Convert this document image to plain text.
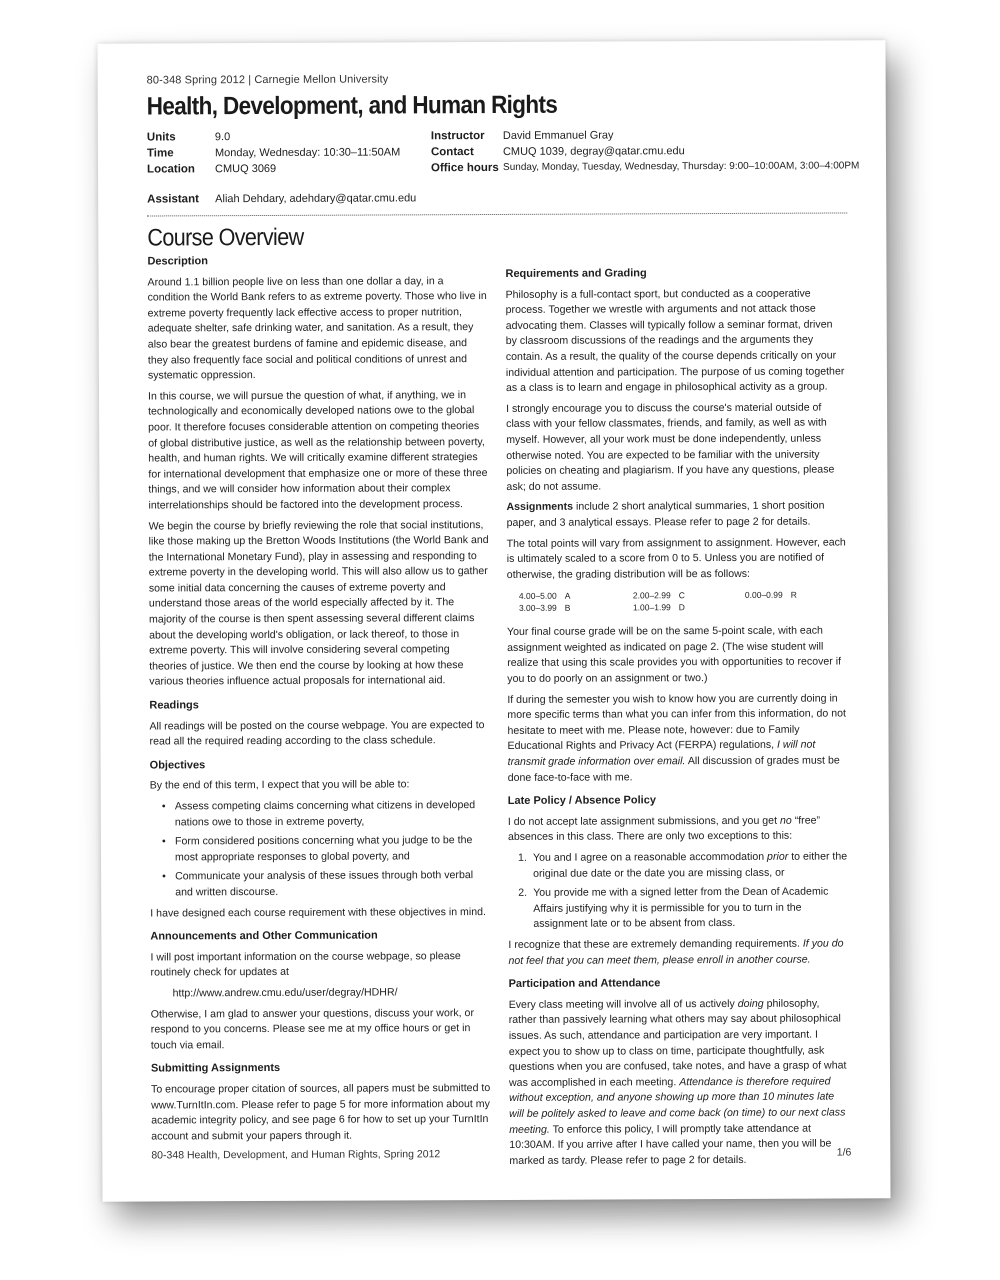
80-348 Spring 2012 | Carnegie Mellon University
Health, Development, and Human Rights
Units	9.0
Time	Monday, Wednesday: 10:30–11:50AM
Location CMUQ 3069
Instructor David Emmanuel Gray
Contact	CMUQ 1039, degray@qatar.cmu.edu
Office hours Sunday, Monday, Tuesday, Wednesday, Thursday: 9:00–10:00AM, 3:00–4:00PM
Assistant Aliah Dehdary, adehdary@qatar.cmu.edu
Course Overview
Description

Around 1.1 billion people live on less than one dollar a day, in a condition the World Bank refers to as extreme poverty. Those who live in extreme poverty frequently lack effective access to proper nutrition, adequate shelter, safe drinking water, and sanitation. As a result, they also bear the greatest burdens of famine and epidemic disease, and they also frequently face social and political conditions of unrest and systematic oppression.

In this course, we will pursue the question of what, if anything, we in technologically and economically developed nations owe to the global poor. It therefore focuses considerable attention on competing theories of global distributive justice, as well as the relationship between poverty, health, and human rights. We will critically examine different strategies for international development that emphasize one or more of these three things, and we will consider how information about their complex interrelationships should be factored into the development process.

We begin the course by briefly reviewing the role that social institutions, like those making up the Bretton Woods Institutions (the World Bank and the International Monetary Fund), play in assessing and responding to extreme poverty in the developing world. This will also allow us to gather some initial data concerning the causes of extreme poverty and understand those areas of the world especially affected by it. The majority of the course is then spent assessing several different claims about the developing world's obligation, or lack thereof, to those in extreme poverty. This will involve considering several competing theories of justice. We then end the course by looking at how these various theories influence actual proposals for international aid.

Readings

All readings will be posted on the course webpage. You are expected to read all the required reading according to the class schedule.

Objectives

By the end of this term, I expect that you will be able to:

• Assess competing claims concerning what citizens in developed nations owe to those in extreme poverty,
• Form considered positions concerning what you judge to be the most appropriate responses to global poverty, and
• Communicate your analysis of these issues through both verbal and written discourse.

I have designed each course requirement with these objectives in mind.

Announcements and Other Communication

I will post important information on the course webpage, so please routinely check for updates at

http://www.andrew.cmu.edu/user/degray/HDHR/

Otherwise, I am glad to answer your questions, discuss your work, or respond to you concerns. Please see me at my office hours or get in touch via email.

Submitting Assignments

To encourage proper citation of sources, all papers must be submitted to www.TurnItIn.com. Please refer to page 5 for more information about my academic integrity policy, and see page 6 for how to set up your TurnItIn account and submit your papers through it.

Requirements and Grading

Philosophy is a full-contact sport, but conducted as a cooperative process. Together we wrestle with arguments and not attack those advocating them. Classes will typically follow a seminar format, driven by classroom discussions of the readings and the arguments they contain. As a result, the quality of the course depends critically on your individual attention and participation. The purpose of us coming together as a class is to learn and engage in philosophical activity as a group.

I strongly encourage you to discuss the course's material outside of class with your fellow classmates, friends, and family, as well as with myself. However, all your work must be done independently, unless otherwise noted. You are expected to be familiar with the university policies on cheating and plagiarism. If you have any questions, please ask; do not assume.

Assignments include 2 short analytical summaries, 1 short position paper, and 3 analytical essays. Please refer to page 2 for details.

The total points will vary from assignment to assignment. However, each is ultimately scaled to a score from 0 to 5. Unless you are notified of otherwise, the grading distribution will be as follows:

4.00–5.00 A
3.00–3.99 B
2.00–2.99 C
1.00–1.99 D
0.00–0.99 R

Your final course grade will be on the same 5-point scale, with each assignment weighted as indicated on page 2. (The wise student will realize that using this scale provides you with opportunities to recover if you to do poorly on an assignment or two.)

If during the semester you wish to know how you are currently doing in more specific terms than what you can infer from this information, do not hesitate to meet with me. Please note, however: due to Family Educational Rights and Privacy Act (FERPA) regulations, I will not transmit grade information over email. All discussion of grades must be done face-to-face with me.

Late Policy / Absence Policy

I do not accept late assignment submissions, and you get no “free” absences in this class. There are only two exceptions to this:

1. You and I agree on a reasonable accommodation prior to either the original due date or the date you are missing class, or
2. You provide me with a signed letter from the Dean of Academic Affairs justifying why it is permissible for you to turn in the assignment late or to be absent from class.

I recognize that these are extremely demanding requirements. If you do not feel that you can meet them, please enroll in another course.

Participation and Attendance

Every class meeting will involve all of us actively doing philosophy, rather than passively learning what others may say about philosophical issues. As such, attendance and participation are very important. I expect you to show up to class on time, participate thoughtfully, ask questions when you are confused, take notes, and have a grasp of what was accomplished in each meeting. Attendance is therefore required without exception, and anyone showing up more than 10 minutes late will be politely asked to leave and come back (on time) to our next class meeting. To enforce this policy, I will promptly take attendance at 10:30AM. If you arrive after I have called your name, then you will be marked as tardy. Please refer to page 2 for details.

80-348 Health, Development, and Human Rights, Spring 2012	1/6
